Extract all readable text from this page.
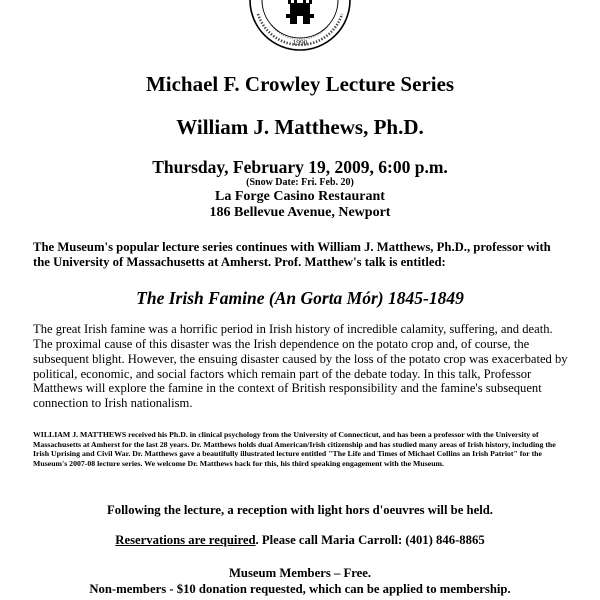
1990
Michael F. Crowley Lecture Series
William J. Matthews, Ph.D.
Thursday, February 19, 2009, 6:00 p.m.
(Snow Date: Fri. Feb. 20)
La Forge Casino Restaurant
186 Bellevue Avenue, Newport

The Museum's popular lecture series continues with William J. Matthews, Ph.D., professor with the University of Massachusetts at Amherst. Prof. Matthew's talk is entitled:

The Irish Famine (An Gorta Mór) 1845-1849

The great Irish famine was a horrific period in Irish history of incredible calamity, suffering, and death. The proximal cause of this disaster was the Irish dependence on the potato crop and, of course, the subsequent blight. However, the ensuing disaster caused by the loss of the potato crop was exacerbated by political, economic, and social factors which remain part of the debate today. In this talk, Professor Matthews will explore the famine in the context of British responsibility and the famine's subsequent connection to Irish nationalism.

WILLIAM J. MATTHEWS received his Ph.D. in clinical psychology from the University of Connecticut, and has been a professor with the University of Massachusetts at Amherst for the last 28 years. Dr. Matthews holds dual American/Irish citizenship and has studied many areas of Irish history, including the Irish Uprising and Civil War. Dr. Matthews gave a beautifully illustrated lecture entitled "The Life and Times of Michael Collins an Irish Patriot" for the Museum's 2007-08 lecture series. We welcome Dr. Matthews back for this, his third speaking engagement with the Museum.

Following the lecture, a reception with light hors d'oeuvres will be held.

Reservations are required. Please call Maria Carroll: (401) 846-8865

Museum Members – Free.
Non-members - $10 donation requested, which can be applied to membership.
